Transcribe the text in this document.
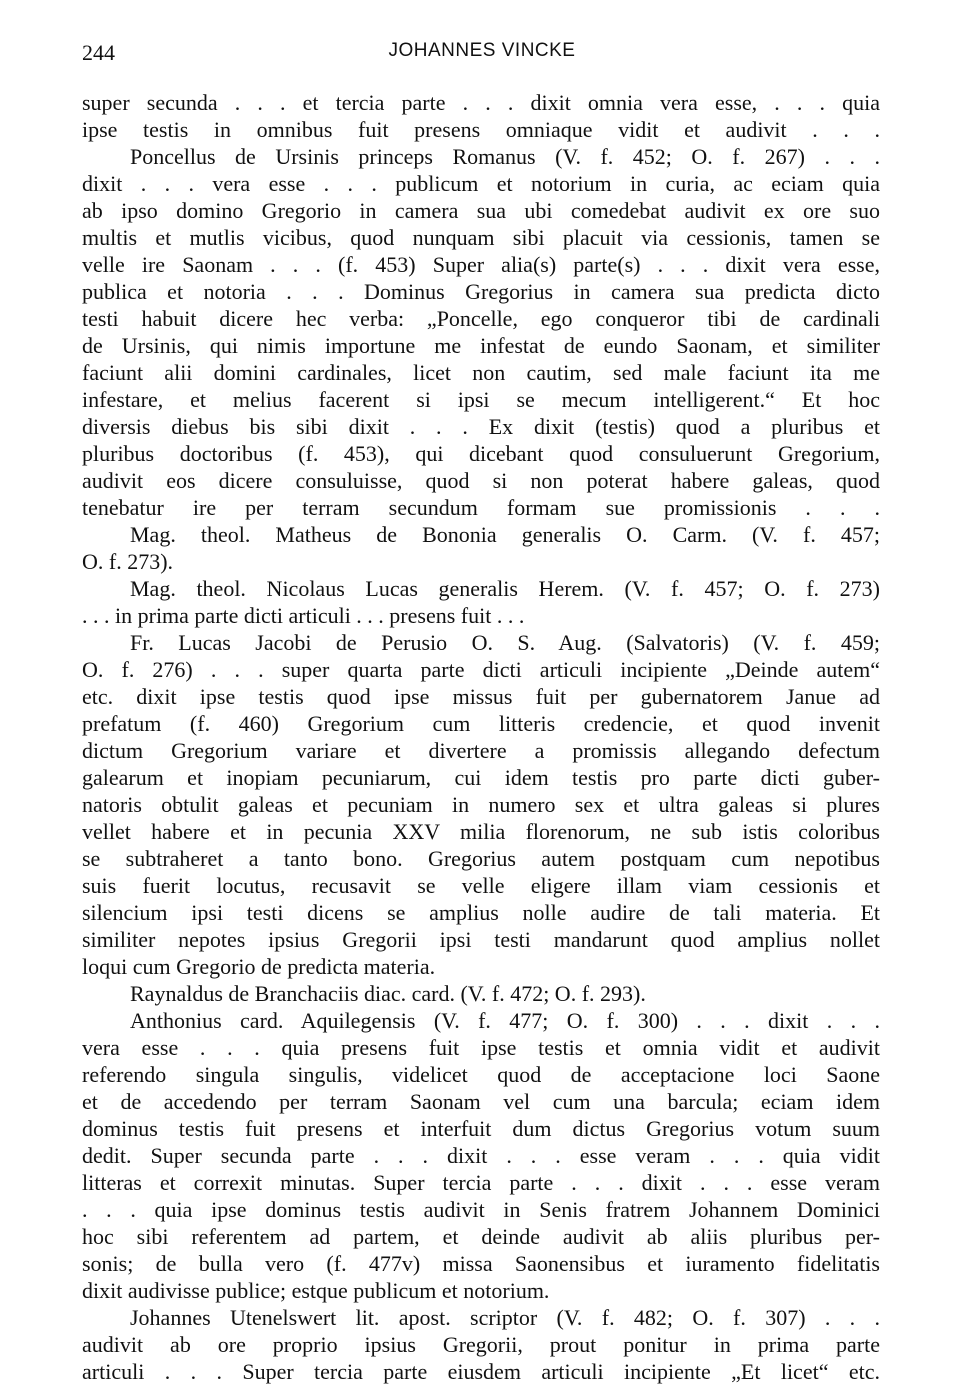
244	JOHANNES VINCKE
super secunda . . . et tercia parte . . . dixit omnia vera esse, . . . quia
ipse testis in omnibus fuit presens omniaque vidit et audivit . . .
Poncellus de Ursinis princeps Romanus (V. f. 452; O. f. 267) . . .
dixit . . . vera esse . . . publicum et notorium in curia, ac eciam quia
ab ipso domino Gregorio in camera sua ubi comedebat audivit ex ore suo
multis et mutlis vicibus, quod nunquam sibi placuit via cessionis, tamen se
velle ire Saonam . . . (f. 453) Super alia(s) parte(s) . . . dixit vera esse,
publica et notoria . . . Dominus Gregorius in camera sua predicta dicto
testi habuit dicere hec verba: „Poncelle, ego conqueror tibi de cardinali
de Ursinis, qui nimis importune me infestat de eundo Saonam, et similiter
faciunt alii domini cardinales, licet non cautim, sed male faciunt ita me
infestare, et melius facerent si ipsi se mecum intelligerent.“ Et hoc
diversis diebus bis sibi dixit . . . Ex dixit (testis) quod a pluribus et
pluribus doctoribus (f. 453), qui dicebant quod consuluerunt Gregorium,
audivit eos dicere consuluisse, quod si non poterat habere galeas, quod
tenebatur ire per terram secundum formam sue promissionis . . .
Mag. theol. Matheus de Bononia generalis O. Carm. (V. f. 457;
O. f. 273).
Mag. theol. Nicolaus Lucas generalis Herem. (V. f. 457; O. f. 273)
. . . in prima parte dicti articuli . . . presens fuit . . .
Fr. Lucas Jacobi de Perusio O. S. Aug. (Salvatoris) (V. f. 459;
O. f. 276) . . . super quarta parte dicti articuli incipiente „Deinde autem“
etc. dixit ipse testis quod ipse missus fuit per gubernatorem Janue ad
prefatum (f. 460) Gregorium cum litteris credencie, et quod invenit
dictum Gregorium variare et divertere a promissis allegando defectum
galearum et inopiam pecuniarum, cui idem testis pro parte dicti guber-
natoris obtulit galeas et pecuniam in numero sex et ultra galeas si plures
vellet habere et in pecunia XXV milia florenorum, ne sub istis coloribus
se subtraheret a tanto bono. Gregorius autem postquam cum nepotibus
suis fuerit locutus, recusavit se velle eligere illam viam cessionis et
silencium ipsi testi dicens se amplius nolle audire de tali materia. Et
similiter nepotes ipsius Gregorii ipsi testi mandarunt quod amplius nollet
loqui cum Gregorio de predicta materia.
Raynaldus de Branchaciis diac. card. (V. f. 472; O. f. 293).
Anthonius card. Aquilegensis (V. f. 477; O. f. 300) . . . dixit . . .
vera esse . . . quia presens fuit ipse testis et omnia vidit et audivit
referendo singula singulis, videlicet quod de acceptacione loci Saone
et de accedendo per terram Saonam vel cum una barcula; eciam idem
dominus testis fuit presens et interfuit dum dictus Gregorius votum suum
dedit. Super secunda parte . . . dixit . . . esse veram . . . quia vidit
litteras et correxit minutas. Super tercia parte . . . dixit . . . esse veram
. . . quia ipse dominus testis audivit in Senis fratrem Johannem Dominici
hoc sibi referentem ad partem, et deinde audivit ab aliis pluribus per-
sonis; de bulla vero (f. 477v) missa Saonensibus et iuramento fidelitatis
dixit audivisse publice; estque publicum et notorium.
Johannes Utenelswert lit. apost. scriptor (V. f. 482; O. f. 307) . . .
audivit ab ore proprio ipsius Gregorii, prout ponitur in prima parte
articuli . . . Super tercia parte eiusdem articuli incipiente „Et licet“ etc.
